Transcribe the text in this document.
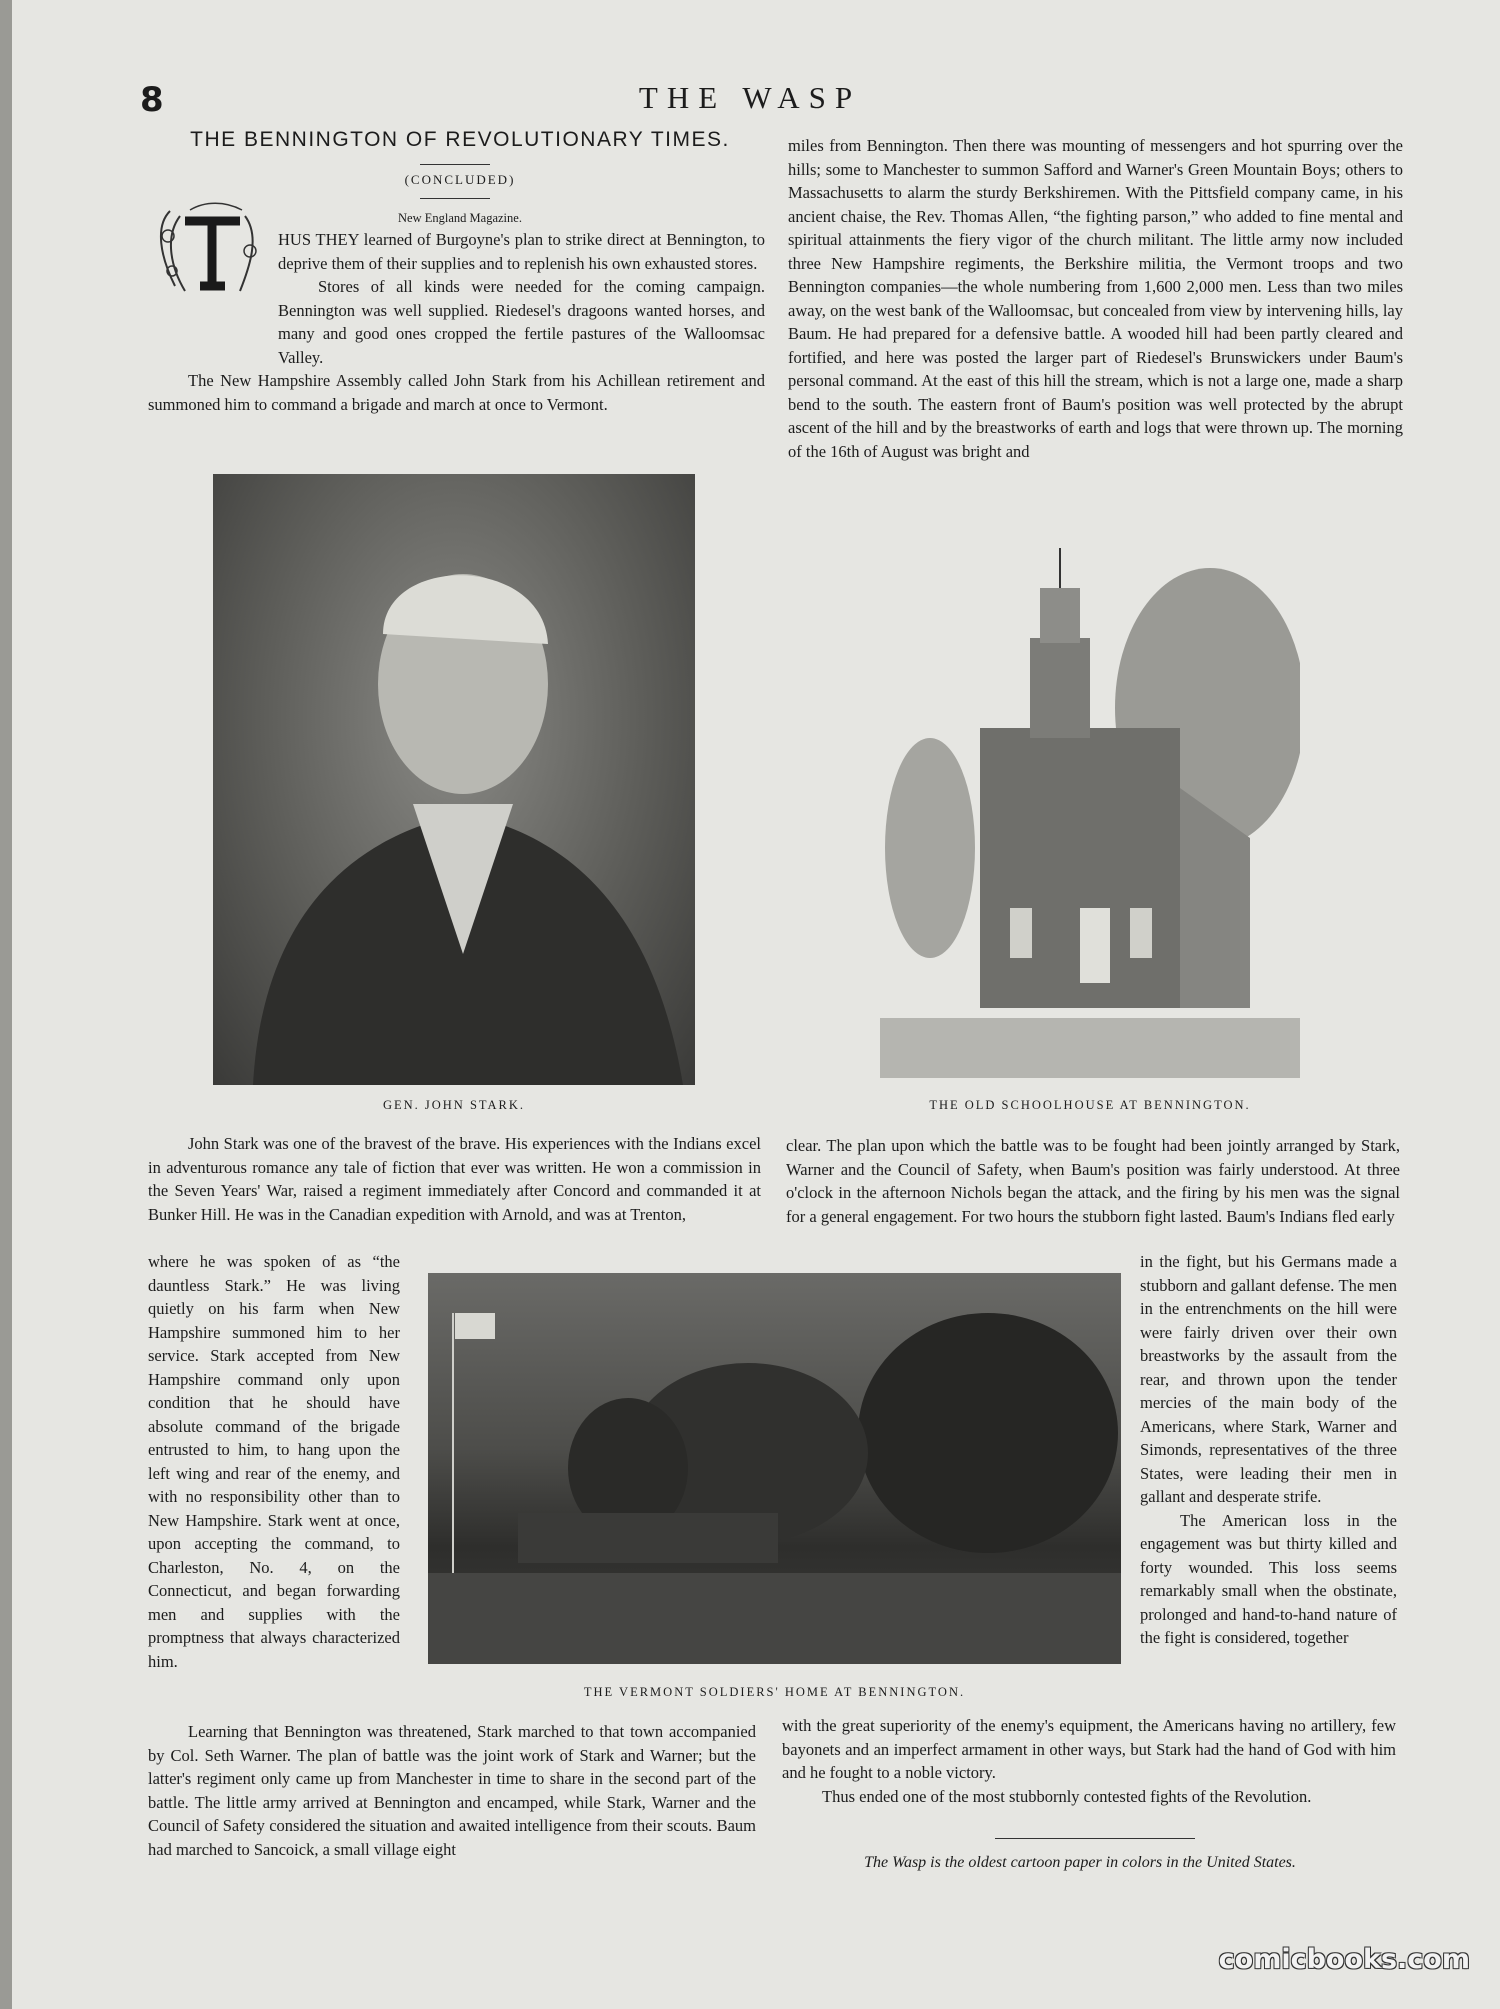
8	THE WASP
THE BENNINGTON OF REVOLUTIONARY TIMES.
(CONCLUDED)
New England Magazine.

HUS THEY learned of Burgoyne's plan to strike direct at Bennington, to deprive them of their supplies and to replenish his own exhausted stores.

Stores of all kinds were needed for the coming campaign. Bennington was well supplied. Riedesel's dragoons wanted horses, and many and good ones cropped the fertile pastures of the Walloomsac Valley.

The New Hampshire Assembly called John Stark from his Achillean retirement and summoned him to command a brigade and march at once to Vermont.

miles from Bennington. Then there was mounting of messengers and hot spurring over the hills; some to Manchester to summon Safford and Warner's Green Mountain Boys; others to Massachusetts to alarm the sturdy Berkshiremen. With the Pittsfield company came, in his ancient chaise, the Rev. Thomas Allen, “the fighting parson,” who added to fine mental and spiritual attainments the fiery vigor of the church militant. The little army now included three New Hampshire regiments, the Berkshire militia, the Vermont troops and two Bennington companies—the whole numbering from 1,600 2,000 men. Less than two miles away, on the west bank of the Walloomsac, but concealed from view by intervening hills, lay Baum. He had prepared for a defensive battle. A wooded hill had been partly cleared and fortified, and here was posted the larger part of Riedesel's Brunswickers under Baum's personal command. At the east of this hill the stream, which is not a large one, made a sharp bend to the south. The eastern front of Baum's position was well protected by the abrupt ascent of the hill and by the breastworks of earth and logs that were thrown up. The morning of the 16th of August was bright and

GEN. JOHN STARK.	THE OLD SCHOOLHOUSE AT BENNINGTON.

John Stark was one of the bravest of the brave. His experiences with the Indians excel in adventurous romance any tale of fiction that ever was written. He won a commission in the Seven Years' War, raised a regiment immediately after Concord and commanded it at Bunker Hill. He was in the Canadian expedition with Arnold, and was at Trenton,

where he was spoken of as “the dauntless Stark.” He was living quietly on his farm when New Hampshire summoned him to her service. Stark accepted from New Hampshire command only upon condition that he should have absolute command of the brigade entrusted to him, to hang upon the left wing and rear of the enemy, and with no responsibility other than to New Hampshire. Stark went at once, upon accepting the command, to Charleston, No. 4, on the Connecticut, and began forwarding men and supplies with the promptness that always characterized him.

THE VERMONT SOLDIERS' HOME AT BENNINGTON.

Learning that Bennington was threatened, Stark marched to that town accompanied by Col. Seth Warner. The plan of battle was the joint work of Stark and Warner; but the latter's regiment only came up from Manchester in time to share in the second part of the battle. The little army arrived at Bennington and encamped, while Stark, Warner and the Council of Safety considered the situation and awaited intelligence from their scouts. Baum had marched to Sancoick, a small village eight

clear. The plan upon which the battle was to be fought had been jointly arranged by Stark, Warner and the Council of Safety, when Baum's position was fairly understood. At three o'clock in the afternoon Nichols began the attack, and the firing by his men was the signal for a general engagement. For two hours the stubborn fight lasted. Baum's Indians fled early

in the fight, but his Germans made a stubborn and gallant defense. The men in the entrenchments on the hill were were fairly driven over their own breastworks by the assault from the rear, and thrown upon the tender mercies of the main body of the Americans, where Stark, Warner and Simonds, representatives of the three States, were leading their men in gallant and desperate strife.

The American loss in the engagement was but thirty killed and forty wounded. This loss seems remarkably small when the obstinate, prolonged and hand-to-hand nature of the fight is considered, together

with the great superiority of the enemy's equipment, the Americans having no artillery, few bayonets and an imperfect armament in other ways, but Stark had the hand of God with him and he fought to a noble victory.

Thus ended one of the most stubbornly contested fights of the Revolution.

The Wasp is the oldest cartoon paper in colors in the United States.
comicbooks.com
